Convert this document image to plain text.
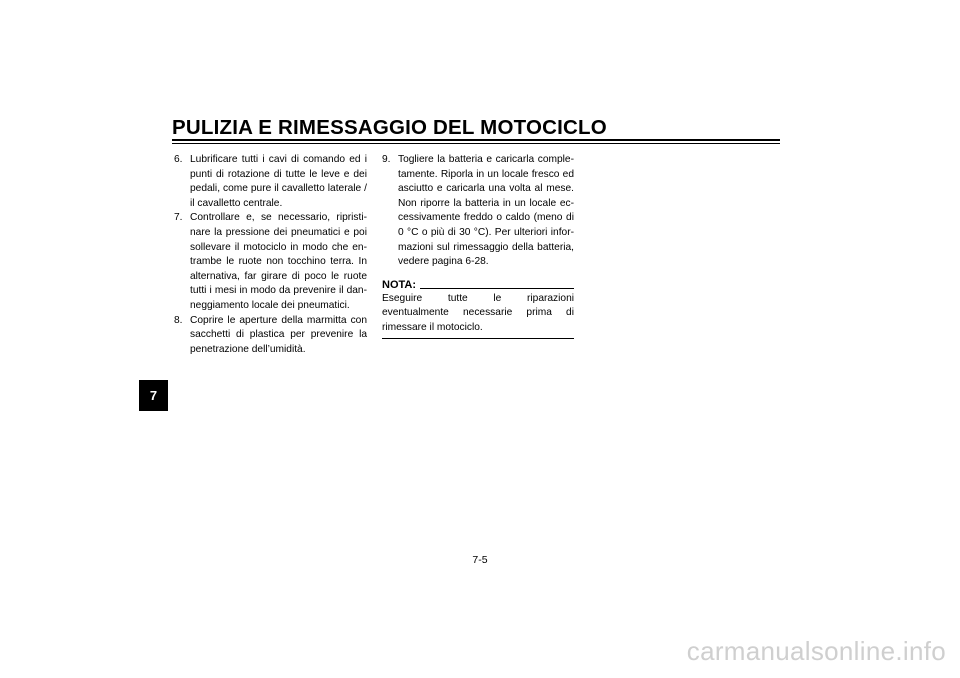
PULIZIA E RIMESSAGGIO DEL MOTOCICLO
7
6. Lubrificare tutti i cavi di comando ed i punti di rotazione di tutte le leve e dei pedali, come pure il cavalletto laterale / il cavalletto centrale.
7. Controllare e, se necessario, ripristinare la pressione dei pneumatici e poi sollevare il motociclo in modo che entrambe le ruote non tocchino terra. In alternativa, far girare di poco le ruote tutti i mesi in modo da prevenire il danneggiamento locale dei pneumatici.
8. Coprire le aperture della marmitta con sacchetti di plastica per prevenire la penetrazione dell’umidità.
9. Togliere la batteria e caricarla completamente. Riporla in un locale fresco ed asciutto e caricarla una volta al mese. Non riporre la batteria in un locale eccessivamente freddo o caldo (meno di 0 °C o più di 30 °C). Per ulteriori informazioni sul rimessaggio della batteria, vedere pagina 6-28.
NOTA:
Eseguire tutte le riparazioni eventualmente necessarie prima di rimessare il motociclo.
7-5
carmanualsonline.info
